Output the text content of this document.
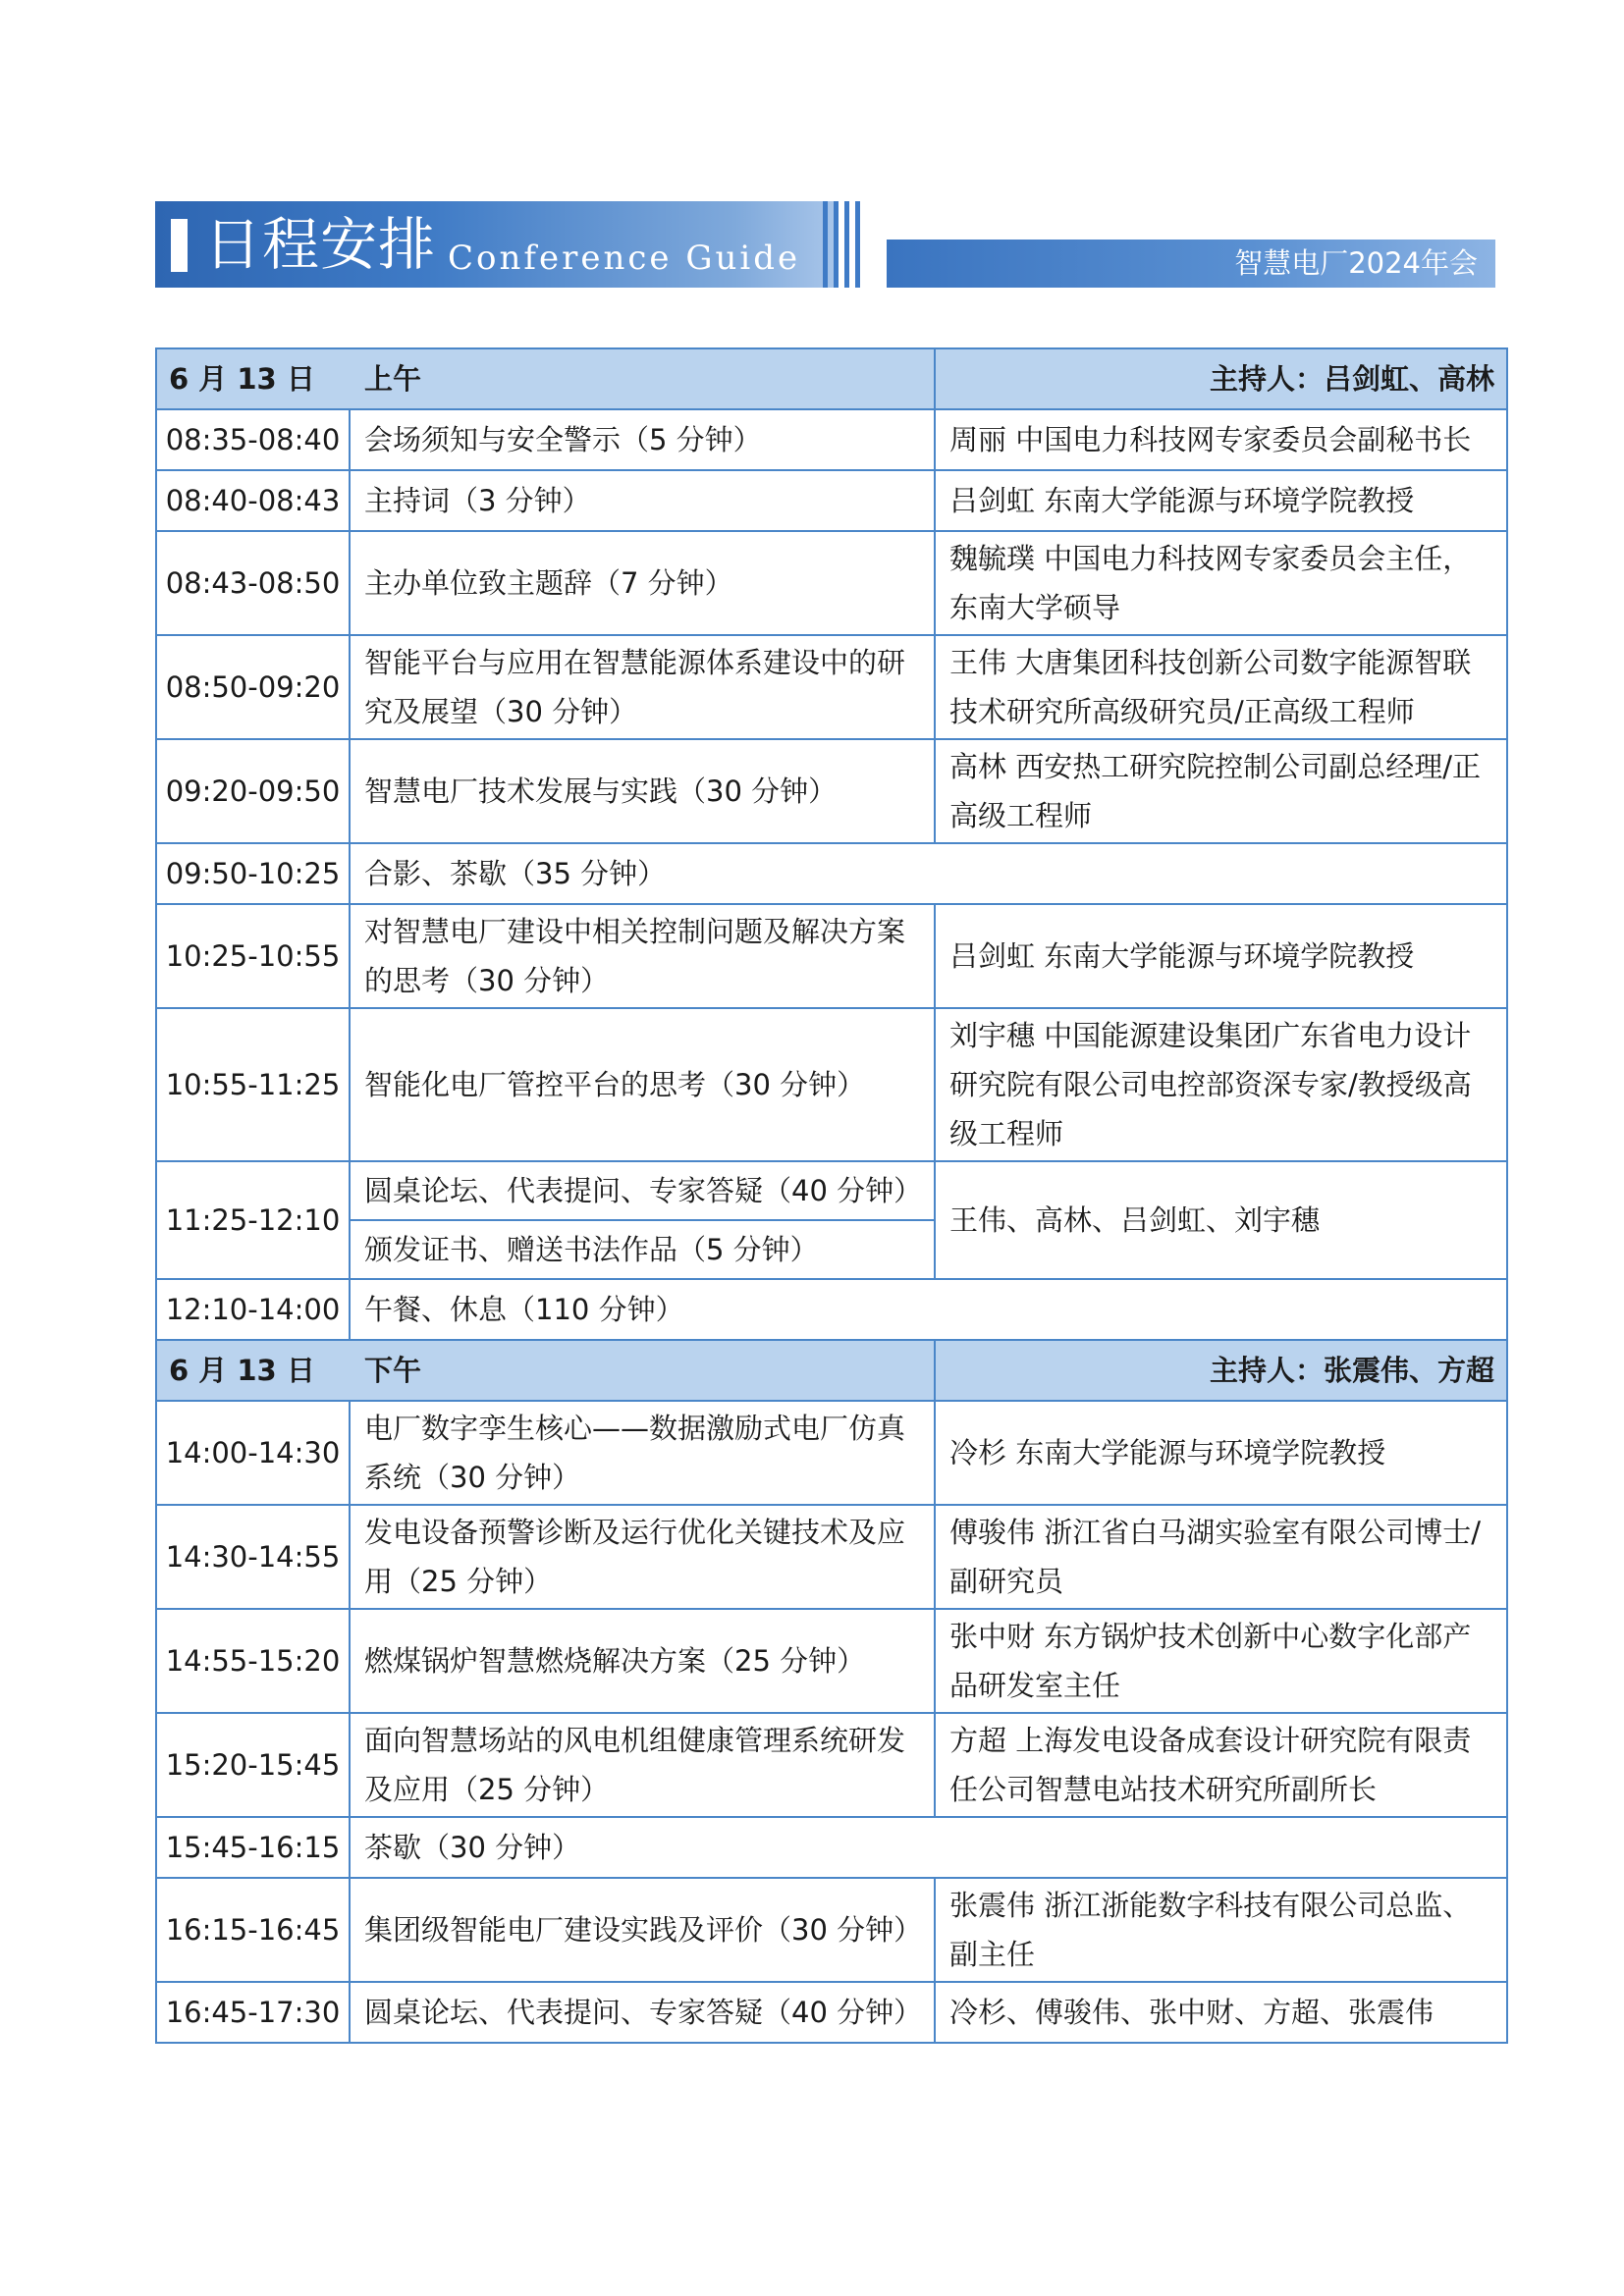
日程安排 Conference Guide	智慧电厂2024年会
6 月 13 日 上午		主持人：吕剑虹、高林
08:35-08:40	会场须知与安全警示（5 分钟）	周丽 中国电力科技网专家委员会副秘书长
08:40-08:43	主持词（3 分钟）	吕剑虹 东南大学能源与环境学院教授
08:43-08:50	主办单位致主题辞（7 分钟）	魏毓璞 中国电力科技网专家委员会主任，东南大学硕导
08:50-09:20	智能平台与应用在智慧能源体系建设中的研究及展望（30 分钟）	王伟 大唐集团科技创新公司数字能源智联技术研究所高级研究员/正高级工程师
09:20-09:50	智慧电厂技术发展与实践（30 分钟）	高林 西安热工研究院控制公司副总经理/正高级工程师
09:50-10:25	合影、茶歇（35 分钟）	
10:25-10:55	对智慧电厂建设中相关控制问题及解决方案的思考（30 分钟）	吕剑虹 东南大学能源与环境学院教授
10:55-11:25	智能化电厂管控平台的思考（30 分钟）	刘宇穗 中国能源建设集团广东省电力设计研究院有限公司电控部资深专家/教授级高级工程师
11:25-12:10	圆桌论坛、代表提问、专家答疑（40 分钟）
颁发证书、赠送书法作品（5 分钟）	王伟、高林、吕剑虹、刘宇穗
12:10-14:00	午餐、休息（110 分钟）	
6 月 13 日 下午		主持人：张震伟、方超
14:00-14:30	电厂数字孪生核心——数据激励式电厂仿真系统（30 分钟）	冷杉 东南大学能源与环境学院教授
14:30-14:55	发电设备预警诊断及运行优化关键技术及应用（25 分钟）	傅骏伟 浙江省白马湖实验室有限公司博士/副研究员
14:55-15:20	燃煤锅炉智慧燃烧解决方案（25 分钟）	张中财 东方锅炉技术创新中心数字化部产品研发室主任
15:20-15:45	面向智慧场站的风电机组健康管理系统研发及应用（25 分钟）	方超 上海发电设备成套设计研究院有限责任公司智慧电站技术研究所副所长
15:45-16:15	茶歇（30 分钟）	
16:15-16:45	集团级智能电厂建设实践及评价（30 分钟）	张震伟 浙江浙能数字科技有限公司总监、副主任
16:45-17:30	圆桌论坛、代表提问、专家答疑（40 分钟）	冷杉、傅骏伟、张中财、方超、张震伟
